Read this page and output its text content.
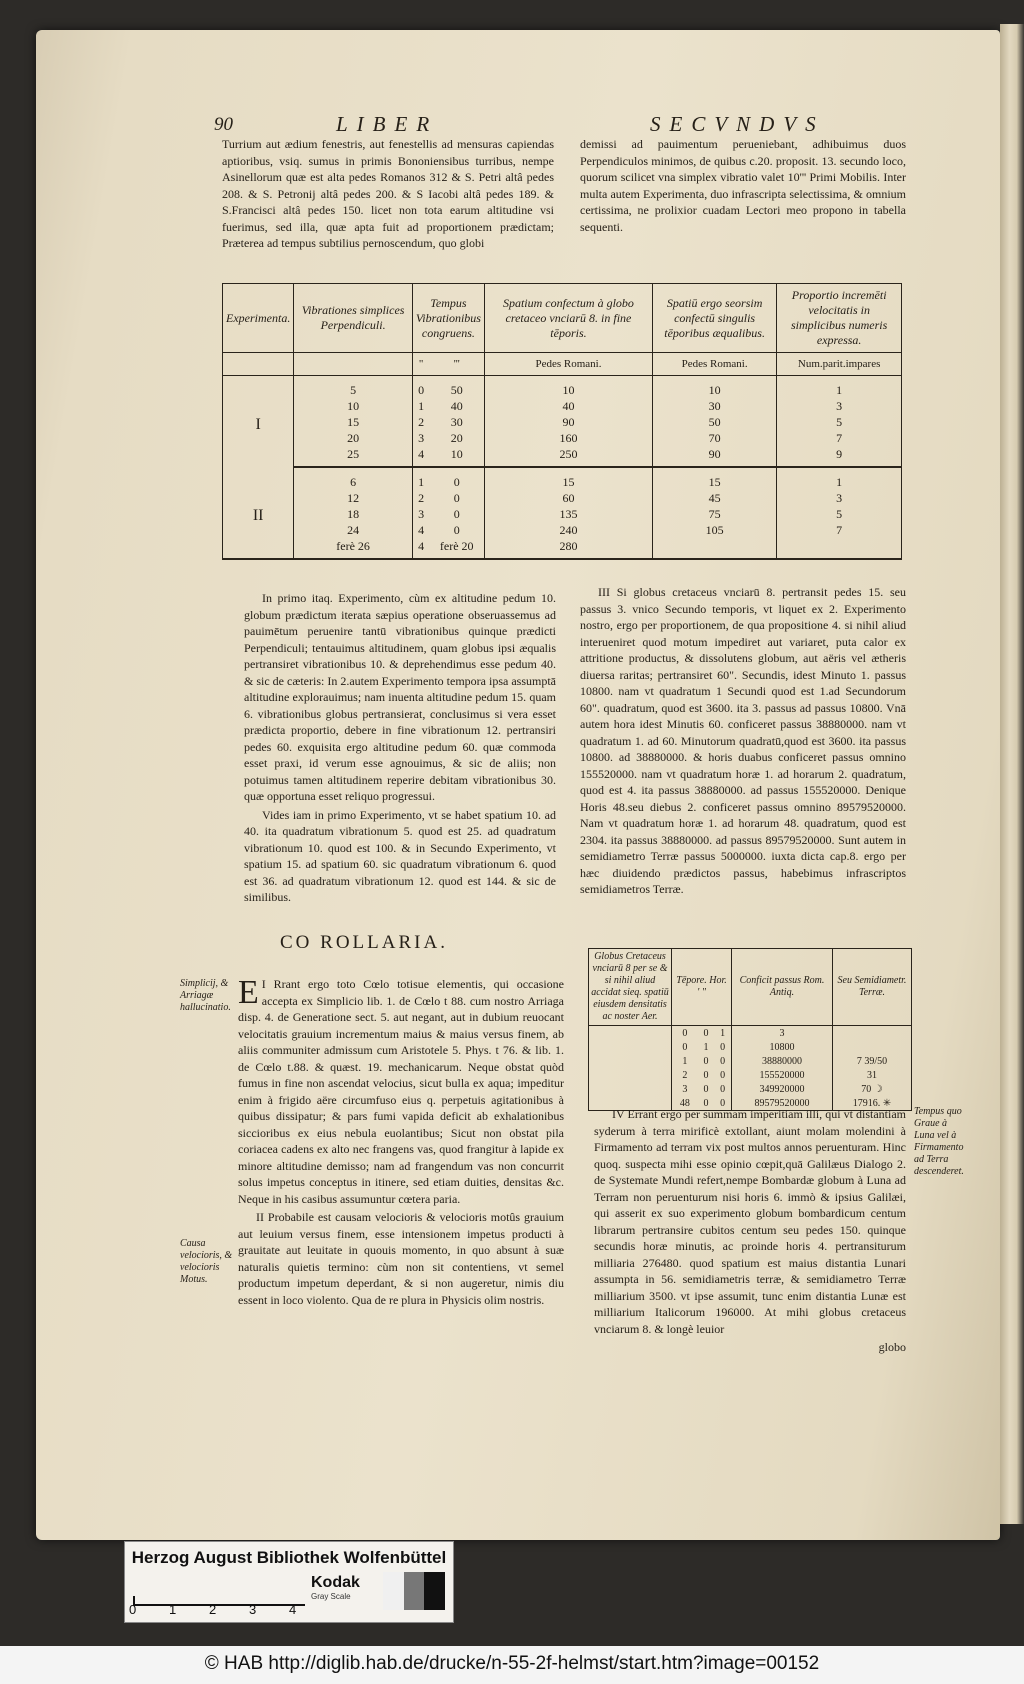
90	LIBER	SECVNDVS

Turrium aut ædium fenestris, aut fenestellis ad mensuras capiendas aptioribus, vsiq. sumus in primis Bononiensibus turribus, nempe Asinellorum quæ est alta pedes Romanos 312 & S. Petri altâ pedes 208. & S. Petronij altâ pedes 200. & S Iacobi altâ pedes 189. & S.Francisci altâ pedes 150. licet non tota earum altitudine vsi fuerimus, sed illa, quæ apta fuit ad proportionem prædictam; Præterea ad tempus subtilius pernoscendum, quo globi

demissi ad pauimentum perueniebant, adhibuimus duos Perpendiculos minimos, de quibus c.20. proposit. 13. secundo loco, quorum scilicet vna simplex vibratio valet 10''' Primi Mobilis. Inter multa autem Experimenta, duo infrascripta selectissima, & omnium certissima, ne prolixior cuadam Lectori meo propono in tabella sequenti.

Experimenta.	Vibrationes simplices Perpendiculi.	Tempus Vibrationibus congruens.		Spatium confectum à globo cretaceo vnciarū 8. in fine tēporis.	Spatiū ergo seorsim confectū singulis tēporibus æqualibus.	Proportio incremēti velocitatis in simplicibus numeris expressa.
		"	'''	Pedes Romani.	Pedes Romani.	Num.parit.impares
I	5	0	50	10	10	1
	10	1	40	40	30	3
	15	2	30	90	50	5
	20	3	20	160	70	7
	25	4	10	250	90	9
II	6	1	0	15	15	1
	12	2	0	60	45	3
	18	3	0	135	75	5
	24	4	0	240	105	7
	ferè 26	4	ferè 20	280		

In primo itaq. Experimento, cùm ex altitudine pedum 10. globum prædictum iterata sæpius operatione obseruassemus ad pauimētum peruenire tantū vibrationibus quinque prædicti Perpendiculi; tentauimus altitudinem, quam globus ipsi æqualis pertransiret vibrationibus 10. & deprehendimus esse pedum 40. & sic de cæteris: In 2.autem Experimento tempora ipsa assumptā altitudine explorauimus; nam inuenta altitudine pedum 15. quam 6. vibrationibus globus pertransierat, conclusimus si vera esset prædicta proportio, debere in fine vibrationum 12. pertransiri pedes 60. exquisita ergo altitudine pedum 60. quæ commoda esset praxi, id verum esse agnouimus, & sic de aliis; non potuimus tamen altitudinem reperire debitam vibrationibus 30. quæ opportuna esset reliquo progressui.

Vides iam in primo Experimento, vt se habet spatium 10. ad 40. ita quadratum vibrationum 5. quod est 25. ad quadratum vibrationum 10. quod est 100. & in Secundo Experimento, vt spatium 15. ad spatium 60. sic quadratum vibrationum 6. quod est 36. ad quadratum vibrationum 12. quod est 144. & sic de similibus.

III Si globus cretaceus vnciarū 8. pertransit pedes 15. seu passus 3. vnico Secundo temporis, vt liquet ex 2. Experimento nostro, ergo per proportionem, de qua propositione 4. si nihil aliud interueniret quod motum impediret aut variaret, puta calor ex attritione productus, & dissolutens globum, aut aëris vel ætheris diuersa raritas; pertransiret 60". Secundis, idest Minuto 1. passus 10800. nam vt quadratum 1 Secundi quod est 1.ad Secundorum 60". quadratum, quod est 3600. ita 3. passus ad passus 10800. Vnā autem hora idest Minutis 60. conficeret passus 38880000. nam vt quadratum 1. ad 60. Minutorum quadratū,quod est 3600. ita passus 10800. ad 38880000. & horis duabus conficeret passus omnino 155520000. nam vt quadratum horæ 1. ad horarum 2. quadratum, quod est 4. ita passus 38880000. ad passus 155520000. Denique Horis 48.seu diebus 2. conficeret passus omnino 89579520000. Nam vt quadratum horæ 1. ad horarum 48. quadratum, quod est 2304. ita passus 38880000. ad passus 89579520000. Sunt autem in semidiametro Terræ passus 5000000. iuxta dicta cap.8. ergo per hæc diuidendo prædictos passus, habebimus infrascriptos semidiametros Terræ.

CO ROLLARIA.
Simplicij, & Arriagæ hallucinatio.
Causa velocioris, & velocioris Motus.
Tempus quo Graue à Luna vel à Firmamento ad Terra descenderet.

I
E Rrant ergo toto Cœlo totisue elementis, qui occasione accepta ex Simplicio lib. 1. de Cœlo t 88. cum nostro Arriaga disp. 4. de Generatione sect. 5. aut negant, aut in dubium reuocant velocitatis grauium incrementum maius & maius versus finem, ab aliis communiter admissum cum Aristotele 5. Phys. t 76. & lib. 1. de Cœlo t.88. & quæst. 19. mechanicarum. Neque obstat quòd fumus in fine non ascendat velocius, sicut bulla ex aqua; impeditur enim à frigido aëre circumfuso eius q. perpetuis agitationibus à quibus dissipatur; & pars fumi vapida deficit ab exhalationibus siccioribus ex eius nebula euolantibus; Sicut non obstat pila coriacea cadens ex alto nec frangens vas, quod frangitur à lapide ex minore altitudine demisso; nam ad frangendum vas non concurrit solus impetus conceptus in itinere, sed etiam duities, densitas &c. Neque in his casibus assumuntur cœtera paria.

II Probabile est causam velocioris & velocioris motûs grauium aut leuium versus finem, esse intensionem impetus producti à grauitate aut leuitate in quouis momento, in quo absunt à suæ naturalis quietis termino: cùm non sit contentiens, vt semel productum impetum deperdant, & si non augeretur, nimis diu essent in loco violento. Qua de re plura in Physicis olim nostris.

Globus Cretaceus vnciarū 8 per se & si nihil aliud accidat sieq. spatiū eiusdem densitatis ac noster Aer.	Tēpore. Hor. ' "			Conficit passus Rom. Antiq.	Seu Semidiametr. Terræ.
	0	0	1	3	
	0	1	0	10800	
	1	0	0	38880000	7 39/50
	2	0	0	155520000	31
	3	0	0	349920000	70 ☽
	48	0	0	89579520000	17916. ✳

IV Errant ergo per summam imperitiam illi, qui vt distantiam syderum à terra mirificè extollant, aiunt molam molendini à Firmamento ad terram vix post multos annos peruenturam. Hinc quoq. suspecta mihi esse opinio cœpit,quā Galilæus Dialogo 2. de Systemate Mundi refert,nempe Bombardæ globum à Luna ad Terram non peruenturum nisi horis 6. immò & ipsius Galilæi, qui asserit ex suo experimento globum bombardicum centum librarum pertransire cubitos centum seu pedes 150. quinque secundis horæ minutis, ac proinde horis 4. pertransiturum milliaria 276480. quod spatium est maius distantia Lunari assumpta in 56. semidiametris terræ, & semidiametro Terræ milliarium 3500. vt ipse assumit, tunc enim distantia Lunæ est milliarium Italicorum 196000. At mihi globus cretaceus vnciarum 8. & longè leuior

globo

Herzog August Bibliothek Wolfenbüttel
Kodak
Gray Scale
0	1	2	3	4
© HAB http://diglib.hab.de/drucke/n-55-2f-helmst/start.htm?image=00152
